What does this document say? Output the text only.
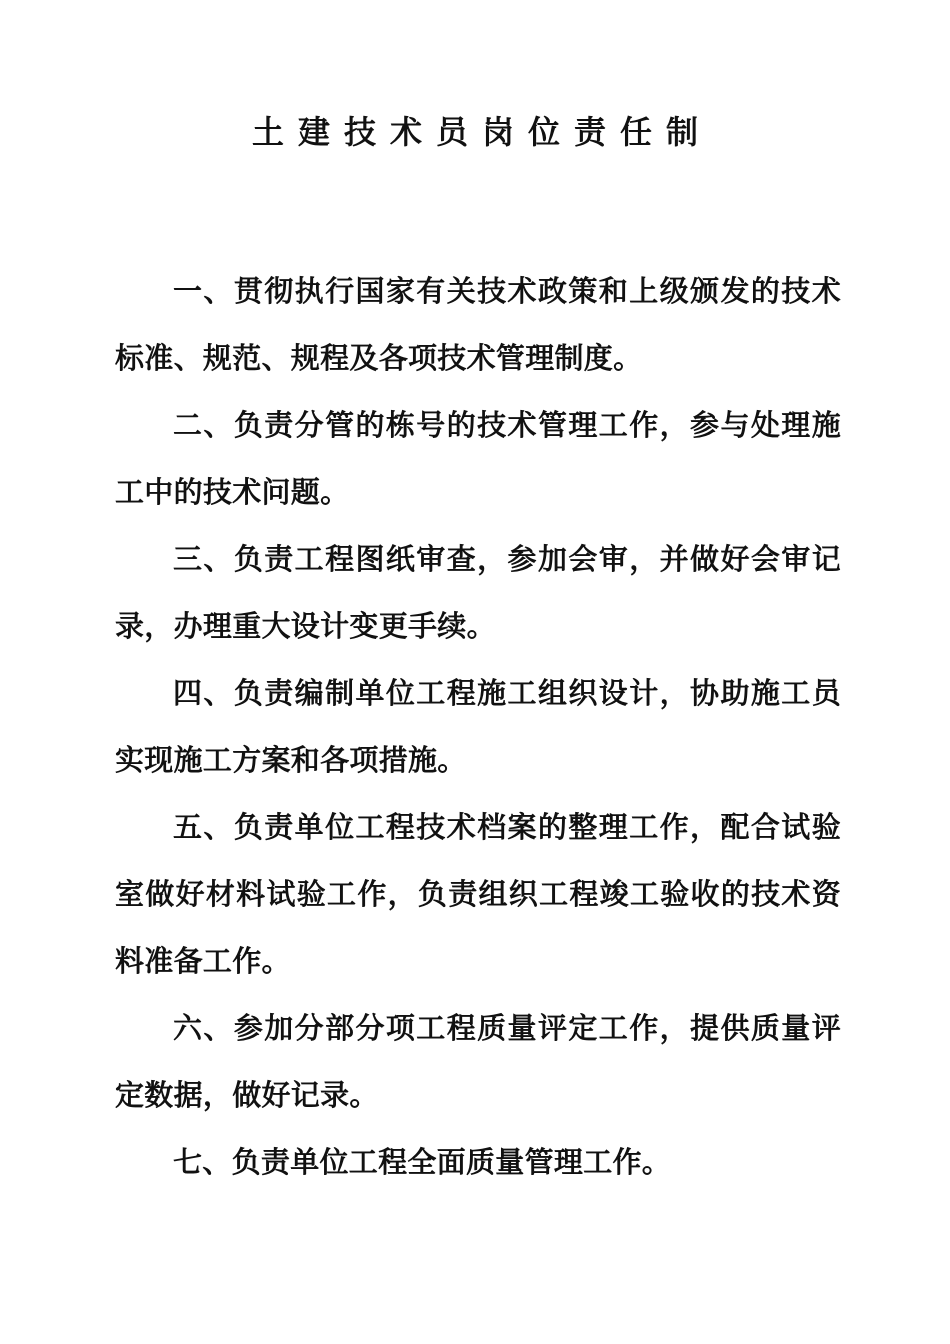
土建技术员岗位责任制

一、贯彻执行国家有关技术政策和上级颁发的技术标准、规范、规程及各项技术管理制度。

二、负责分管的栋号的技术管理工作，参与处理施工中的技术问题。

三、负责工程图纸审查，参加会审，并做好会审记录，办理重大设计变更手续。

四、负责编制单位工程施工组织设计，协助施工员实现施工方案和各项措施。

五、负责单位工程技术档案的整理工作，配合试验室做好材料试验工作，负责组织工程竣工验收的技术资料准备工作。

六、参加分部分项工程质量评定工作，提供质量评定数据，做好记录。

七、负责单位工程全面质量管理工作。
